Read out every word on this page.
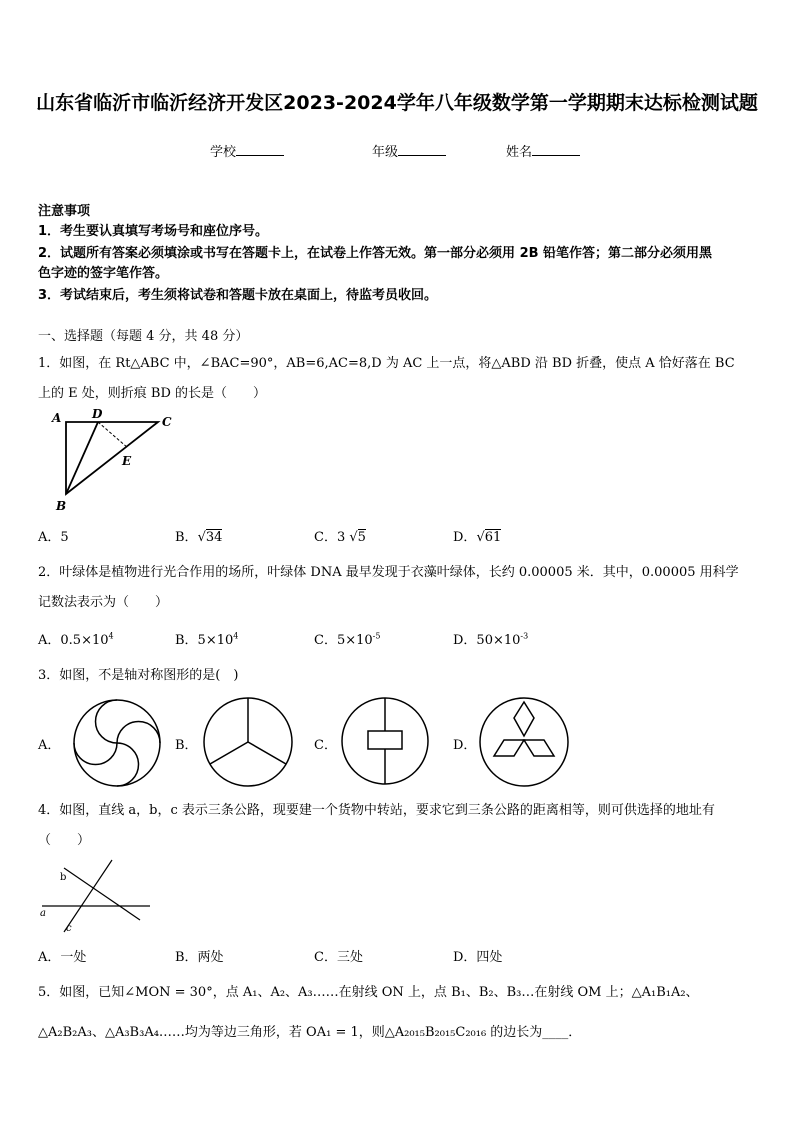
山东省临沂市临沂经济开发区2023-2024学年八年级数学第一学期期末达标检测试题
学校	年级	姓名
注意事项
1．考生要认真填写考场号和座位序号。
2．试题所有答案必须填涂或书写在答题卡上，在试卷上作答无效。第一部分必须用 2B 铅笔作答；第二部分必须用黑
色字迹的签字笔作答。
3．考试结束后，考生须将试卷和答题卡放在桌面上，待监考员收回。
一、选择题（每题 4 分，共 48 分）
1．如图，在 Rt△ABC 中，∠BAC=90°，AB=6,AC=8,D 为 AC 上一点，将△ABD 沿 BD 折叠，使点 A 恰好落在 BC
上的 E 处，则折痕 BD 的长是（　　）
A	D
C
E
B
A．5	B．√34	C．3 √5	D．√61
2．叶绿体是植物进行光合作用的场所，叶绿体 DNA 最早发现于衣藻叶绿体，长约 0.00005 米．其中，0.00005 用科学
记数法表示为（　　）
A．$0.5\times 10^4$	B．$5\times 10^4$	C．$5\times 10^{-5}$	D．$50\times 10^{-3}$
3．如图，不是轴对称图形的是(　)
A．	B．	C．	D．
4．如图，直线 a，b，c 表示三条公路，现要建一个货物中转站，要求它到三条公路的距离相等，则可供选择的地址有
（　　）
b
a
c
A．一处	B．两处	C．三处	D．四处
5．如图，已知∠MON = 30°，点 A₁、A₂、A₃……在射线 ON 上，点 B₁、B₂、B₃…在射线 OM 上；△A₁B₁A₂、
△A₂B₂A₃、△A₃B₃A₄……均为等边三角形，若 OA₁ = 1，则△A₂₀₁₅B₂₀₁₅C₂₀₁₆ 的边长为____．
